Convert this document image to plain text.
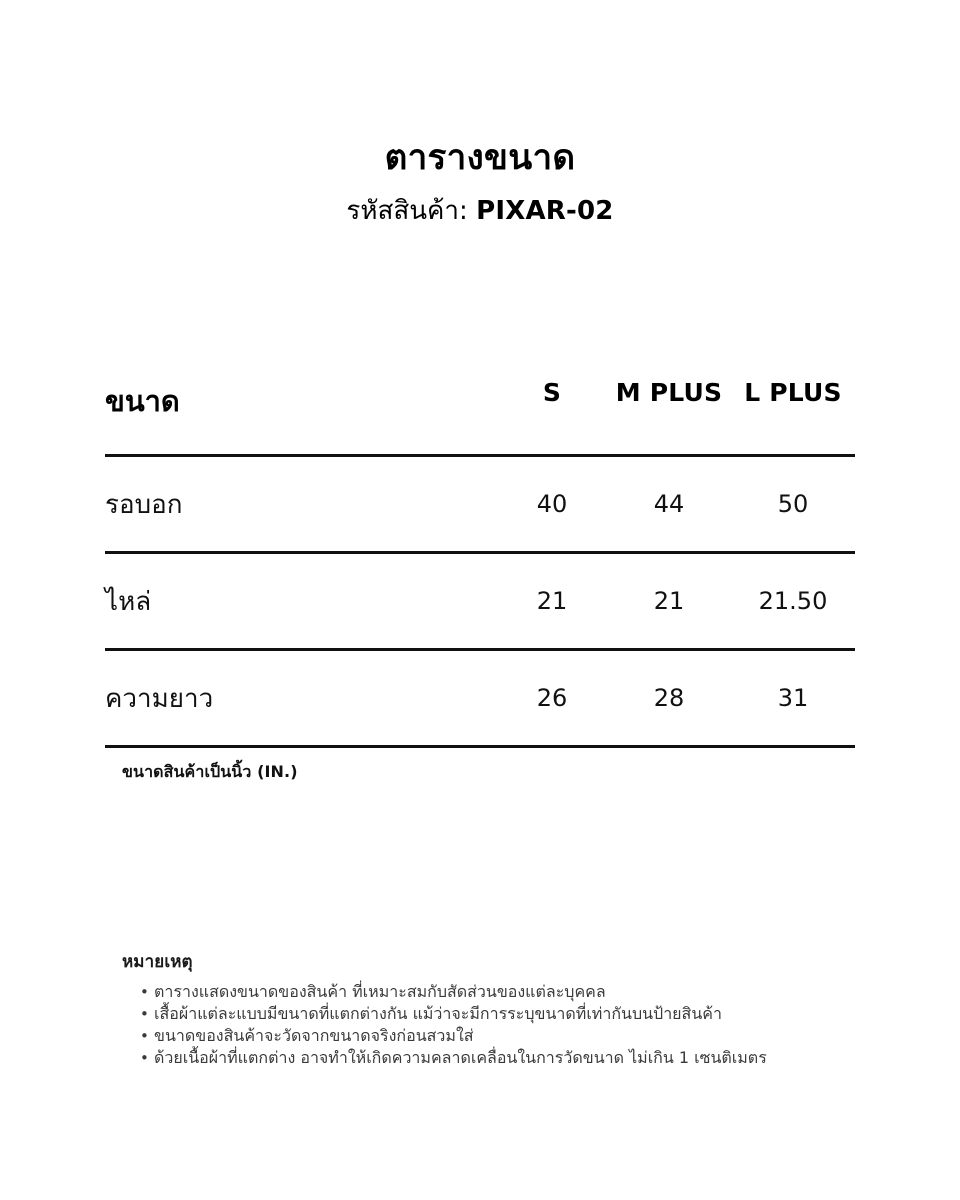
ตารางขนาด

รหัสสินค้า: PIXAR-02

ขนาด	S	M PLUS	L PLUS
รอบอก	40	44	50
ไหล่	21	21	21.50
ความยาว	26	28	31
ขนาดสินค้าเป็นนิ้ว (IN.)
หมายเหตุ
• ตารางแสดงขนาดของสินค้า ที่เหมาะสมกับสัดส่วนของแต่ละบุคคล
• เสื้อผ้าแต่ละแบบมีขนาดที่แตกต่างกัน แม้ว่าจะมีการระบุขนาดที่เท่ากันบนป้ายสินค้า
• ขนาดของสินค้าจะวัดจากขนาดจริงก่อนสวมใส่
• ด้วยเนื้อผ้าที่แตกต่าง อาจทำให้เกิดความคลาดเคลื่อนในการวัดขนาด ไม่เกิน 1 เซนติเมตร
